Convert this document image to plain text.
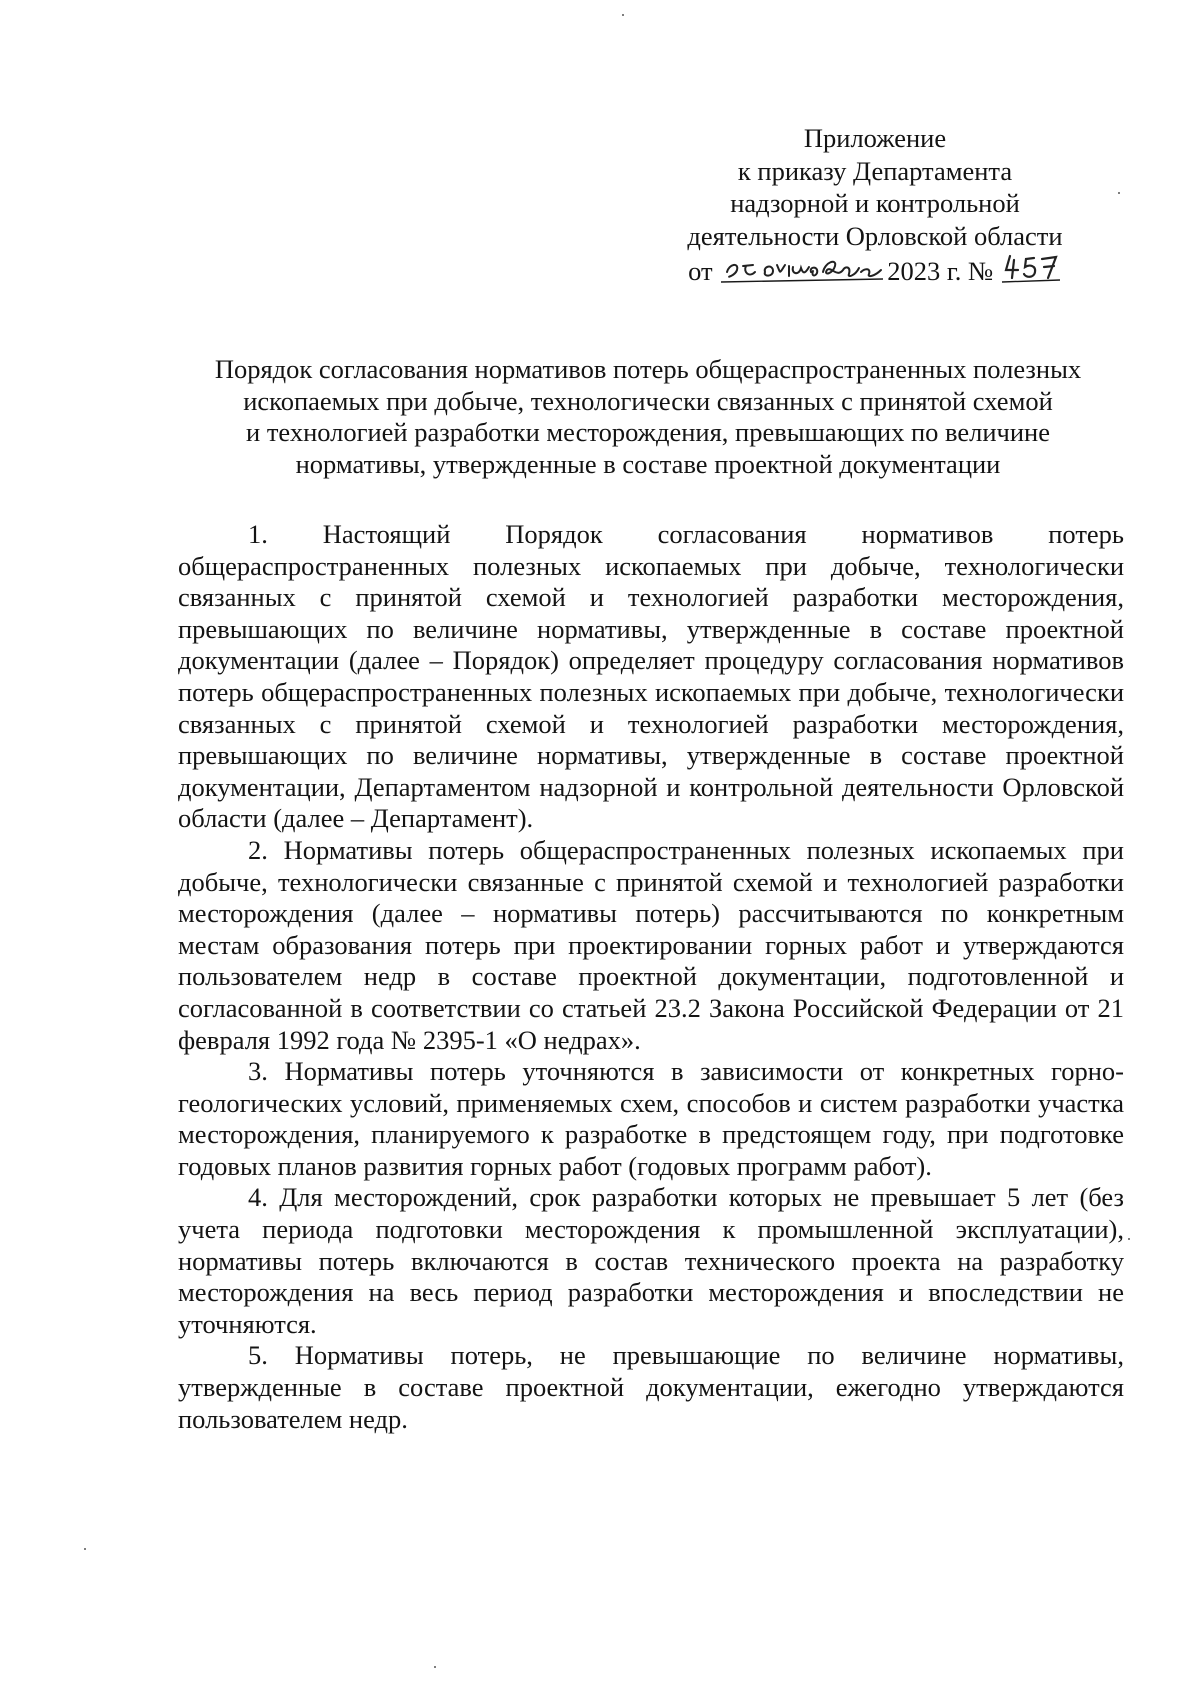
Приложение
к приказу Департамента
надзорной и контрольной
деятельности Орловской области
от	2023 г. №
Порядок согласования нормативов потерь общераспространенных полезных
ископаемых при добыче, технологически связанных с принятой схемой
и технологией разработки месторождения, превышающих по величине
нормативы, утвержденные в составе проектной документации

1. Настоящий Порядок согласования нормативов потерь общераспространенных полезных ископаемых при добыче, технологически связанных с принятой схемой и технологией разработки месторождения, превышающих по величине нормативы, утвержденные в составе проектной документации (далее – Порядок) определяет процедуру согласования нормативов потерь общераспространенных полезных ископаемых при добыче, технологически связанных с принятой схемой и технологией разработки месторождения, превышающих по величине нормативы, утвержденные в составе проектной документации, Департаментом надзорной и контрольной деятельности Орловской области (далее – Департамент).

2. Нормативы потерь общераспространенных полезных ископаемых при добыче, технологически связанные с принятой схемой и технологией разработки месторождения (далее – нормативы потерь) рассчитываются по конкретным местам образования потерь при проектировании горных работ и утверждаются пользователем недр в составе проектной документации, подготовленной и согласованной в соответствии со статьей 23.2 Закона Российской Федерации от 21 февраля 1992 года № 2395-1 «О недрах».

3. Нормативы потерь уточняются в зависимости от конкретных горно-геологических условий, применяемых схем, способов и систем разработки участка месторождения, планируемого к разработке в предстоящем году, при подготовке годовых планов развития горных работ (годовых программ работ).

4. Для месторождений, срок разработки которых не превышает 5 лет (без учета периода подготовки месторождения к промышленной эксплуатации), нормативы потерь включаются в состав технического проекта на разработку месторождения на весь период разработки месторождения и впоследствии не уточняются.

5. Нормативы потерь, не превышающие по величине нормативы, утвержденные в составе проектной документации, ежегодно утверждаются пользователем недр.
